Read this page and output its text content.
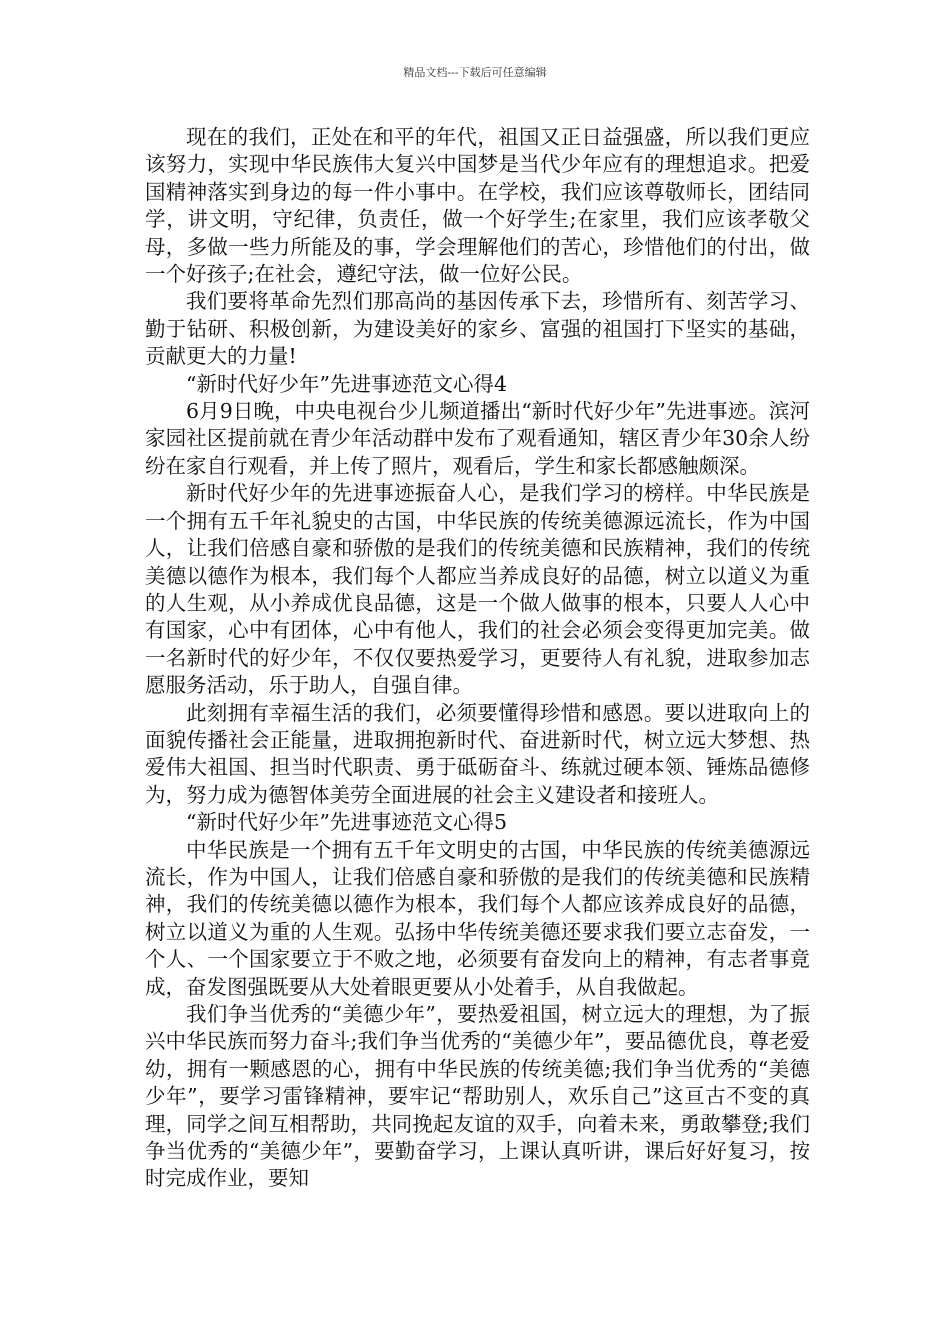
精品文档---下载后可任意编辑

现在的我们，正处在和平的年代，祖国又正日益强盛，所以我们更应该努力，实现中华民族伟大复兴中国梦是当代少年应有的理想追求。把爱国精神落实到身边的每一件小事中。在学校，我们应该尊敬师长，团结同学，讲文明，守纪律，负责任，做一个好学生;在家里，我们应该孝敬父母，多做一些力所能及的事，学会理解他们的苦心，珍惜他们的付出，做一个好孩子;在社会，遵纪守法，做一位好公民。

我们要将革命先烈们那高尚的基因传承下去，珍惜所有、刻苦学习、勤于钻研、积极创新，为建设美好的家乡、富强的祖国打下坚实的基础，贡献更大的力量!

“新时代好少年”先进事迹范文心得4

6月9日晚，中央电视台少儿频道播出“新时代好少年”先进事迹。滨河家园社区提前就在青少年活动群中发布了观看通知，辖区青少年30余人纷纷在家自行观看，并上传了照片，观看后，学生和家长都感触颇深。

新时代好少年的先进事迹振奋人心，是我们学习的榜样。中华民族是一个拥有五千年礼貌史的古国，中华民族的传统美德源远流长，作为中国人，让我们倍感自豪和骄傲的是我们的传统美德和民族精神，我们的传统美德以德作为根本，我们每个人都应当养成良好的品德，树立以道义为重的人生观，从小养成优良品德，这是一个做人做事的根本，只要人人心中有国家，心中有团体，心中有他人，我们的社会必须会变得更加完美。做一名新时代的好少年，不仅仅要热爱学习，更要待人有礼貌，进取参加志愿服务活动，乐于助人，自强自律。

此刻拥有幸福生活的我们，必须要懂得珍惜和感恩。要以进取向上的面貌传播社会正能量，进取拥抱新时代、奋进新时代，树立远大梦想、热爱伟大祖国、担当时代职责、勇于砥砺奋斗、练就过硬本领、锤炼品德修为，努力成为德智体美劳全面进展的社会主义建设者和接班人。

“新时代好少年”先进事迹范文心得5

中华民族是一个拥有五千年文明史的古国，中华民族的传统美德源远流长，作为中国人，让我们倍感自豪和骄傲的是我们的传统美德和民族精神，我们的传统美德以德作为根本，我们每个人都应该养成良好的品德，树立以道义为重的人生观。弘扬中华传统美德还要求我们要立志奋发，一个人、一个国家要立于不败之地，必须要有奋发向上的精神，有志者事竟成，奋发图强既要从大处着眼更要从小处着手，从自我做起。

我们争当优秀的“美德少年”，要热爱祖国，树立远大的理想，为了振兴中华民族而努力奋斗;我们争当优秀的“美德少年”，要品德优良，尊老爱幼，拥有一颗感恩的心，拥有中华民族的传统美德;我们争当优秀的“美德少年”，要学习雷锋精神，要牢记“帮助别人，欢乐自己”这亘古不变的真理，同学之间互相帮助，共同挽起友谊的双手，向着未来，勇敢攀登;我们争当优秀的“美德少年”，要勤奋学习，上课认真听讲，课后好好复习，按时完成作业，要知
